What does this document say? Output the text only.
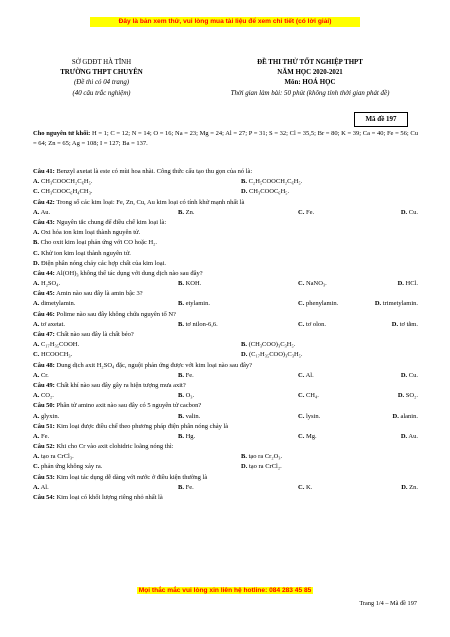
Đây là bản xem thử, vui lòng mua tài liệu để xem chi tiết (có lời giải)
SỞ GDĐT HÀ TĨNH
TRƯỜNG THPT CHUYÊN
(Đề thi có 04 trang)
(40 câu trắc nghiệm)
ĐỀ THI THỬ TỐT NGHIỆP THPT
NĂM HỌC 2020-2021
Môn: HOÁ HỌC
Thời gian làm bài: 50 phút (không tính thời gian phát đề)
Mã đề 197
Cho nguyên tử khối: H = 1; C = 12; N = 14; O = 16; Na = 23; Mg = 24; Al = 27; P = 31; S = 32; Cl = 35,5; Br = 80; K = 39; Ca = 40; Fe = 56; Cu = 64; Zn = 65; Ag = 108; I = 127; Ba = 137.
Câu 41: Benzyl axetat là este có mùi hoa nhài. Công thức cấu tạo thu gọn của nó là:
A. CH₃COOCH₂C₆H₅.	B. C₂H₅COOCH₂C₆H₅.
C. CH₃COOC₆H₄CH₃.	D. CH₃COOC₆H₅.
Câu 42: Trong số các kim loại: Fe, Zn, Cu, Au kim loại có tính khử mạnh nhất là
A. Au.	B. Zn.	C. Fe.	D. Cu.
Câu 43: Nguyên tắc chung để điều chế kim loại là:
A. Oxi hóa ion kim loại thành nguyên tử.
B. Cho oxit kim loại phản ứng với CO hoặc H₂.
C. Khử ion kim loại thành nguyên tử.
D. Điện phân nóng chảy các hợp chất của kim loại.
Câu 44: Al(OH)₃ không thể tác dụng với dung dịch nào sau đây?
A. H₂SO₄.	B. KOH.	C. NaNO₃.	D. HCl.
Câu 45: Amin nào sau đây là amin bậc 3?
A. dimetylamin.	B. etylamin.	C. phenylamin.	D. trimetylamin.
Câu 46: Polime nào sau đây không chứa nguyên tố N?
A. tơ axetat.	B. tơ nilon-6,6.	C. tơ olon.	D. tơ tằm.
Câu 47: Chất nào sau đây là chất béo?
A. C₁₇H₃₅COOH.	B. (CH₃COO)₃C₃H₅.
C. HCOOCH₃.	D. (C₁₇H₃₅COO)₃C₃H₅.
Câu 48: Dung dịch axit H₂SO₄ đặc, nguội phản ứng được với kim loại nào sau đây?
A. Cr.	B. Fe.	C. Al.	D. Cu.
Câu 49: Chất khí nào sau đây gây ra hiện tượng mưa axit?
A. CO₂.	B. O₃.	C. CH₄.	D. SO₂.
Câu 50: Phân tử amino axit nào sau đây có 5 nguyên tử cacbon?
A. glyxin.	B. valin.	C. lysin.	D. alanin.
Câu 51: Kim loại được điều chế theo phương pháp điện phân nóng chảy là
A. Fe.	B. Hg.	C. Mg.	D. Au.
Câu 52: Khi cho Cr vào axit clohidric loãng nóng thì:
A. tạo ra CrCl₃.	B. tạo ra Cr₂O₃.
C. phản ứng không xảy ra.	D. tạo ra CrCl₂.
Câu 53: Kim loại tác dụng dễ dàng với nước ở điều kiện thường là
A. Al.	B. Fe.	C. K.	D. Zn.
Câu 54: Kim loại có khối lượng riêng nhỏ nhất là
Mọi thắc mắc vui lòng xin liên hệ hotline: 084 283 45 85
Trang 1/4 – Mã đề 197
